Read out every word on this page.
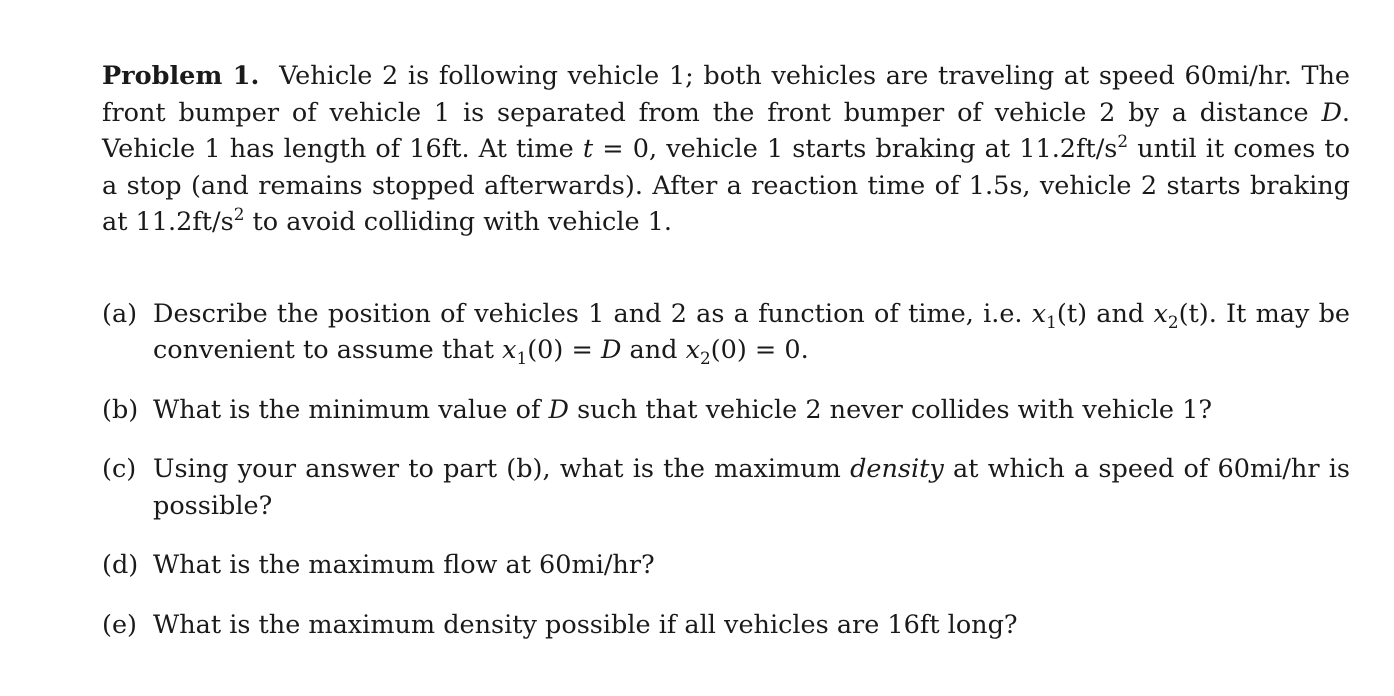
Problem 1. Vehicle 2 is following vehicle 1; both vehicles are traveling at speed 60mi/hr. The front bumper of vehicle 1 is separated from the front bumper of vehicle 2 by a distance D. Vehicle 1 has length of 16ft. At time t = 0, vehicle 1 starts braking at $11.2ft/s^2$ until it comes to a stop (and remains stopped afterwards). After a reaction time of 1.5s, vehicle 2 starts braking at $11.2ft/s^2$ to avoid colliding with vehicle 1.

(a) Describe the position of vehicles 1 and 2 as a function of time, i.e. $x_1(t)$ and $x_2(t)$. It may be convenient to assume that $x_1(0) = D$ and $x_2(0) = 0$.
(b) What is the minimum value of D such that vehicle 2 never collides with vehicle 1?
(c) Using your answer to part (b), what is the maximum density at which a speed of 60mi/hr is possible?
(d) What is the maximum flow at 60mi/hr?
(e) What is the maximum density possible if all vehicles are 16ft long?
